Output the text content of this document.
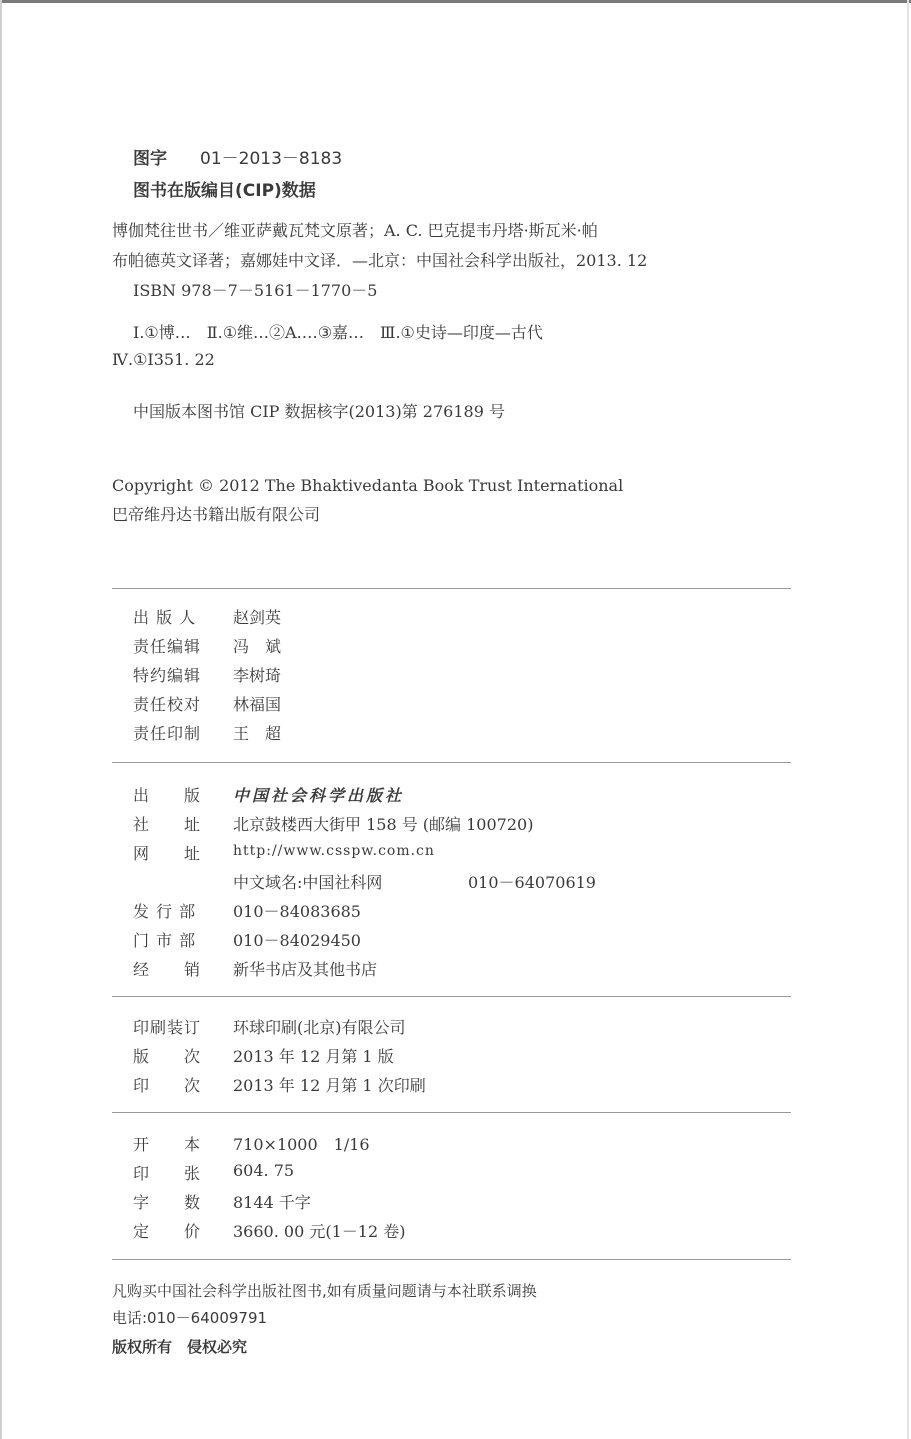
图字 01－2013－8183
图书在版编目(CIP)数据
博伽梵往世书／维亚萨戴瓦梵文原著；A. C. 巴克提韦丹塔·斯瓦米·帕
布帕德英文译著；嘉娜娃中文译．—北京：中国社会科学出版社，2013. 12
ISBN 978－7－5161－1770－5
Ⅰ.①博…　Ⅱ.①维…②A.…③嘉…　Ⅲ.①史诗—印度—古代
Ⅳ.①I351. 22
中国版本图书馆 CIP 数据核字(2013)第 276189 号
Copyright © 2012 The Bhaktivedanta Book Trust International
巴帝维丹达书籍出版有限公司
出 版 人 赵剑英
责任编辑 冯　斌
特约编辑 李树琦
责任校对 林福国
责任印制 王　超
出　　版 中国社会科学出版社
社　　址 北京鼓楼西大街甲 158 号 (邮编 100720)
网　　址 http://www.csspw.com.cn
中文域名:中国社科网	010－64070619
发 行 部 010－84083685
门 市 部 010－84029450
经　　销 新华书店及其他书店
印刷装订 环球印刷(北京)有限公司
版　　次 2013 年 12 月第 1 版
印　　次 2013 年 12 月第 1 次印刷
开　　本 710×1000　1/16
印　　张 604. 75
字　　数 8144 千字
定　　价 3660. 00 元(1－12 卷)
凡购买中国社会科学出版社图书,如有质量问题请与本社联系调换
电话:010－64009791
版权所有　侵权必究
